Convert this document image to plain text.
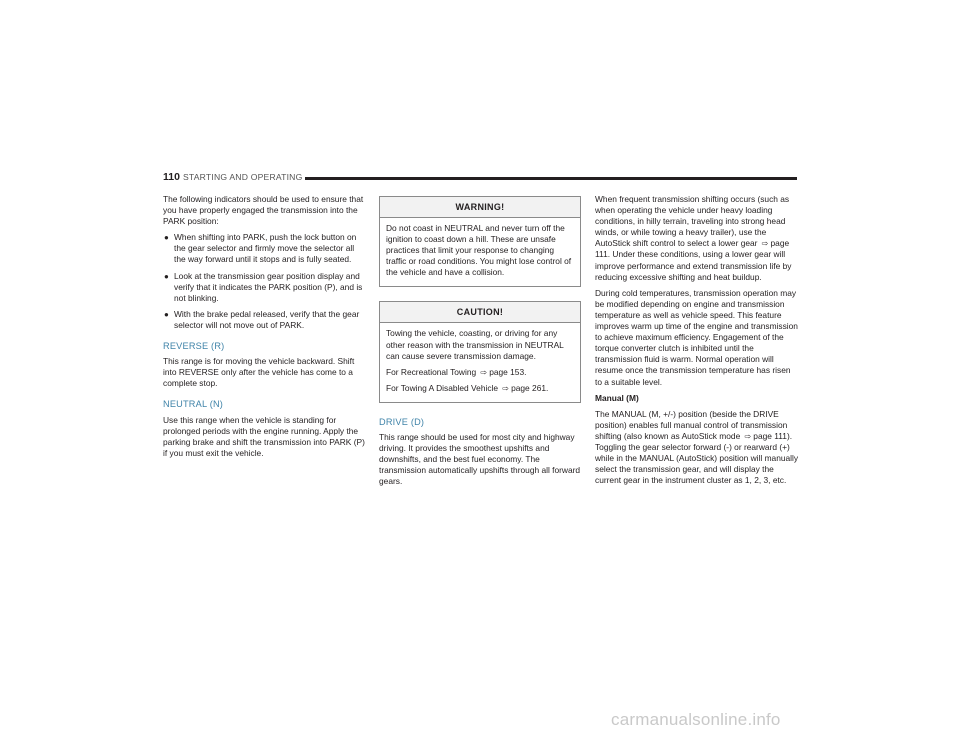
110 STARTING AND OPERATING

The following indicators should be used to ensure that you have properly engaged the transmission into the PARK position:

● When shifting into PARK, push the lock button on the gear selector and firmly move the selector all the way forward until it stops and is fully seated.
● Look at the transmission gear position display and verify that it indicates the PARK position (P), and is not blinking.
● With the brake pedal released, verify that the gear selector will not move out of PARK.
REVERSE (R)

This range is for moving the vehicle backward. Shift into REVERSE only after the vehicle has come to a complete stop.

NEUTRAL (N)

Use this range when the vehicle is standing for prolonged periods with the engine running. Apply the parking brake and shift the transmission into PARK (P) if you must exit the vehicle.

WARNING!

Do not coast in NEUTRAL and never turn off the ignition to coast down a hill. These are unsafe practices that limit your response to changing traffic or road conditions. You might lose control of the vehicle and have a collision.

CAUTION!

Towing the vehicle, coasting, or driving for any other reason with the transmission in NEUTRAL can cause severe transmission damage.

For Recreational Towing ⇨ page 153.

For Towing A Disabled Vehicle ⇨ page 261.

DRIVE (D)

This range should be used for most city and highway driving. It provides the smoothest upshifts and downshifts, and the best fuel economy. The transmission automatically upshifts through all forward gears.

When frequent transmission shifting occurs (such as when operating the vehicle under heavy loading conditions, in hilly terrain, traveling into strong head winds, or while towing a heavy trailer), use the AutoStick shift control to select a lower gear ⇨ page 111. Under these conditions, using a lower gear will improve performance and extend transmission life by reducing excessive shifting and heat buildup.

During cold temperatures, transmission operation may be modified depending on engine and transmission temperature as well as vehicle speed. This feature improves warm up time of the engine and transmission to achieve maximum efficiency. Engagement of the torque converter clutch is inhibited until the transmission fluid is warm. Normal operation will resume once the transmission temperature has risen to a suitable level.

Manual (M)

The MANUAL (M, +/-) position (beside the DRIVE position) enables full manual control of transmission shifting (also known as AutoStick mode ⇨ page 111). Toggling the gear selector forward (-) or rearward (+) while in the MANUAL (AutoStick) position will manually select the transmission gear, and will display the current gear in the instrument cluster as 1, 2, 3, etc.

carmanualsonline.info
